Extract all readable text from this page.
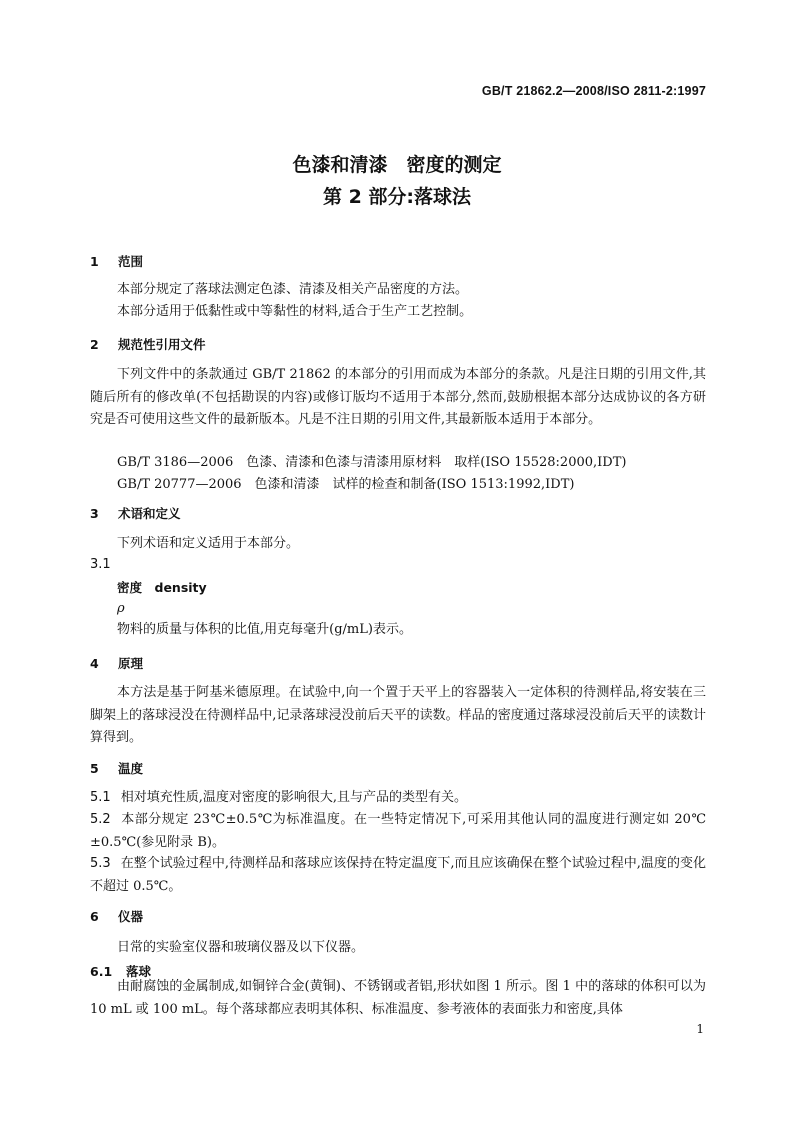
GB/T 21862.2—2008/ISO 2811-2:1997
色漆和清漆　密度的测定
第 2 部分:落球法
1 范围
本部分规定了落球法测定色漆、清漆及相关产品密度的方法。
本部分适用于低黏性或中等黏性的材料,适合于生产工艺控制。
2 规范性引用文件
下列文件中的条款通过 GB/T 21862 的本部分的引用而成为本部分的条款。凡是注日期的引用文件,其随后所有的修改单(不包括勘误的内容)或修订版均不适用于本部分,然而,鼓励根据本部分达成协议的各方研究是否可使用这些文件的最新版本。凡是不注日期的引用文件,其最新版本适用于本部分。
GB/T 3186—2006　色漆、清漆和色漆与清漆用原材料　取样(ISO 15528:2000,IDT)
GB/T 20777—2006　色漆和清漆　试样的检查和制备(ISO 1513:1992,IDT)
3 术语和定义
下列术语和定义适用于本部分。
3.1
密度　density
ρ
物料的质量与体积的比值,用克每毫升(g/mL)表示。
4 原理
本方法是基于阿基米德原理。在试验中,向一个置于天平上的容器装入一定体积的待测样品,将安装在三脚架上的落球浸没在待测样品中,记录落球浸没前后天平的读数。样品的密度通过落球浸没前后天平的读数计算得到。
5 温度
5.1 相对填充性质,温度对密度的影响很大,且与产品的类型有关。
5.2 本部分规定 23℃±0.5℃为标准温度。在一些特定情况下,可采用其他认同的温度进行测定如 20℃±0.5℃(参见附录 B)。
5.3 在整个试验过程中,待测样品和落球应该保持在特定温度下,而且应该确保在整个试验过程中,温度的变化不超过 0.5℃。
6 仪器
日常的实验室仪器和玻璃仪器及以下仪器。
6.1 落球
由耐腐蚀的金属制成,如铜锌合金(黄铜)、不锈钢或者铝,形状如图 1 所示。图 1 中的落球的体积可以为 10 mL 或 100 mL。每个落球都应表明其体积、标准温度、参考液体的表面张力和密度,具体
1
